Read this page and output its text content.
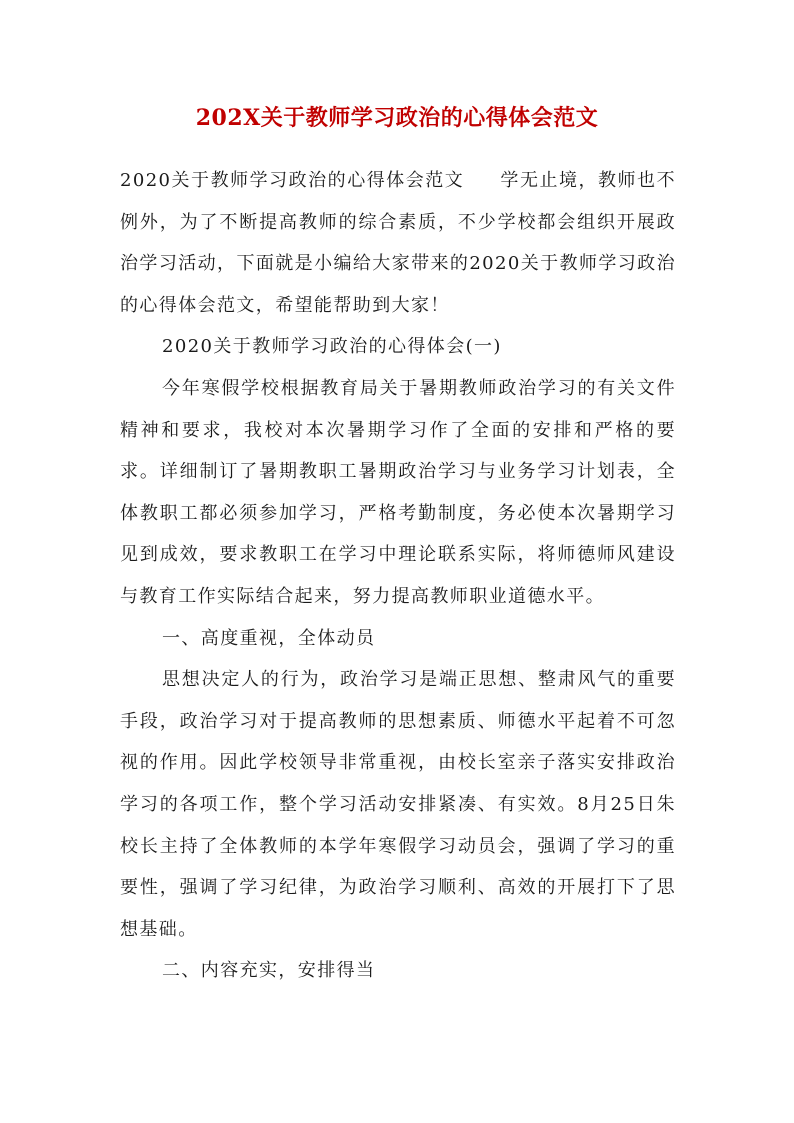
202X关于教师学习政治的心得体会范文

2020关于教师学习政治的心得体会范文 学无止境，教师也不例外，为了不断提高教师的综合素质，不少学校都会组织开展政治学习活动，下面就是小编给大家带来的2020关于教师学习政治的心得体会范文，希望能帮助到大家！

2020关于教师学习政治的心得体会(一)

今年寒假学校根据教育局关于暑期教师政治学习的有关文件精神和要求，我校对本次暑期学习作了全面的安排和严格的要求。详细制订了暑期教职工暑期政治学习与业务学习计划表，全体教职工都必须参加学习，严格考勤制度，务必使本次暑期学习见到成效，要求教职工在学习中理论联系实际，将师德师风建设与教育工作实际结合起来，努力提高教师职业道德水平。

一、高度重视，全体动员

思想决定人的行为，政治学习是端正思想、整肃风气的重要手段，政治学习对于提高教师的思想素质、师德水平起着不可忽视的作用。因此学校领导非常重视，由校长室亲子落实安排政治学习的各项工作，整个学习活动安排紧凑、有实效。8月25日朱校长主持了全体教师的本学年寒假学习动员会，强调了学习的重要性，强调了学习纪律，为政治学习顺利、高效的开展打下了思想基础。

二、内容充实，安排得当
